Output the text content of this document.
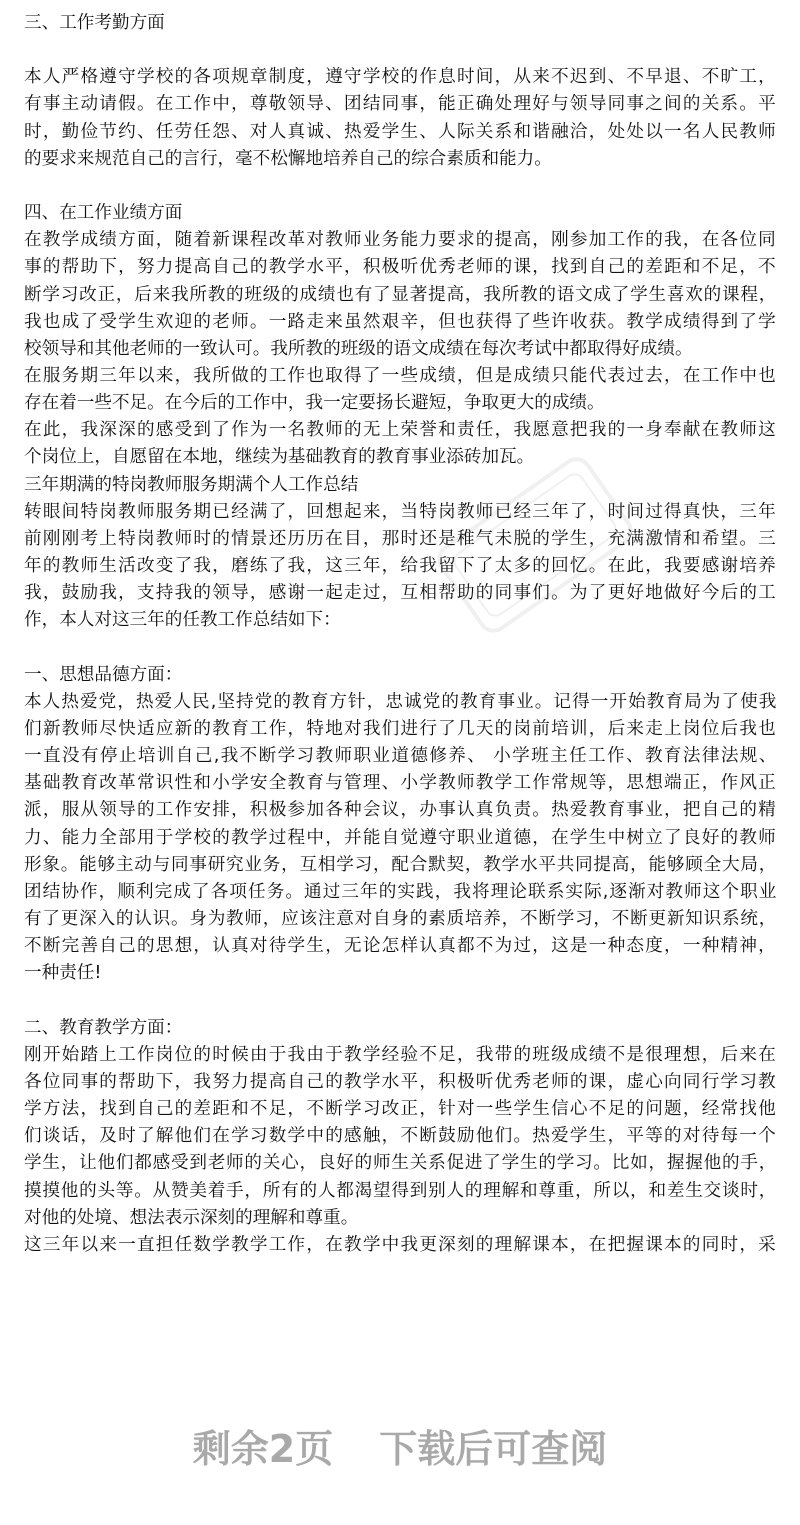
三、工作考勤方面
本人严格遵守学校的各项规章制度，遵守学校的作息时间，从来不迟到、不早退、不旷工，
有事主动请假。在工作中，尊敬领导、团结同事，能正确处理好与领导同事之间的关系。平
时，勤俭节约、任劳任怨、对人真诚、热爱学生、人际关系和谐融洽，处处以一名人民教师
的要求来规范自己的言行，毫不松懈地培养自己的综合素质和能力。
四、在工作业绩方面
在教学成绩方面，随着新课程改革对教师业务能力要求的提高，刚参加工作的我，在各位同
事的帮助下，努力提高自己的教学水平，积极听优秀老师的课，找到自己的差距和不足，不
断学习改正，后来我所教的班级的成绩也有了显著提高，我所教的语文成了学生喜欢的课程，
我也成了受学生欢迎的老师。一路走来虽然艰辛，但也获得了些许收获。教学成绩得到了学
校领导和其他老师的一致认可。我所教的班级的语文成绩在每次考试中都取得好成绩。
在服务期三年以来，我所做的工作也取得了一些成绩，但是成绩只能代表过去，在工作中也
存在着一些不足。在今后的工作中，我一定要扬长避短，争取更大的成绩。
在此，我深深的感受到了作为一名教师的无上荣誉和责任，我愿意把我的一身奉献在教师这
个岗位上，自愿留在本地，继续为基础教育的教育事业添砖加瓦。
三年期满的特岗教师服务期满个人工作总结
转眼间特岗教师服务期已经满了，回想起来，当特岗教师已经三年了，时间过得真快，三年
前刚刚考上特岗教师时的情景还历历在目，那时还是稚气未脱的学生，充满激情和希望。三
年的教师生活改变了我，磨练了我，这三年，给我留下了太多的回忆。在此，我要感谢培养
我，鼓励我，支持我的领导，感谢一起走过，互相帮助的同事们。为了更好地做好今后的工
作，本人对这三年的任教工作总结如下：
一、思想品德方面：
本人热爱党，热爱人民,坚持党的教育方针，忠诚党的教育事业。记得一开始教育局为了使我
们新教师尽快适应新的教育工作，特地对我们进行了几天的岗前培训，后来走上岗位后我也
一直没有停止培训自己,我不断学习教师职业道德修养、 小学班主任工作、教育法律法规、
基础教育改革常识性和小学安全教育与管理、小学教师教学工作常规等，思想端正，作风正
派，服从领导的工作安排，积极参加各种会议，办事认真负责。热爱教育事业，把自己的精
力、能力全部用于学校的教学过程中，并能自觉遵守职业道德，在学生中树立了良好的教师
形象。能够主动与同事研究业务，互相学习，配合默契，教学水平共同提高，能够顾全大局，
团结协作，顺利完成了各项任务。通过三年的实践，我将理论联系实际,逐渐对教师这个职业
有了更深入的认识。身为教师，应该注意对自身的素质培养，不断学习，不断更新知识系统，
不断完善自己的思想，认真对待学生，无论怎样认真都不为过，这是一种态度，一种精神，
一种责任!
二、教育教学方面：
刚开始踏上工作岗位的时候由于我由于教学经验不足，我带的班级成绩不是很理想，后来在
各位同事的帮助下，我努力提高自己的教学水平，积极听优秀老师的课，虚心向同行学习教
学方法，找到自己的差距和不足，不断学习改正，针对一些学生信心不足的问题，经常找他
们谈话，及时了解他们在学习数学中的感触，不断鼓励他们。热爱学生，平等的对待每一个
学生，让他们都感受到老师的关心，良好的师生关系促进了学生的学习。比如，握握他的手，
摸摸他的头等。从赞美着手，所有的人都渴望得到别人的理解和尊重，所以，和差生交谈时，
对他的处境、想法表示深刻的理解和尊重。
这三年以来一直担任数学教学工作，在教学中我更深刻的理解课本，在把握课本的同时，采
剩余2页 下载后可查阅
